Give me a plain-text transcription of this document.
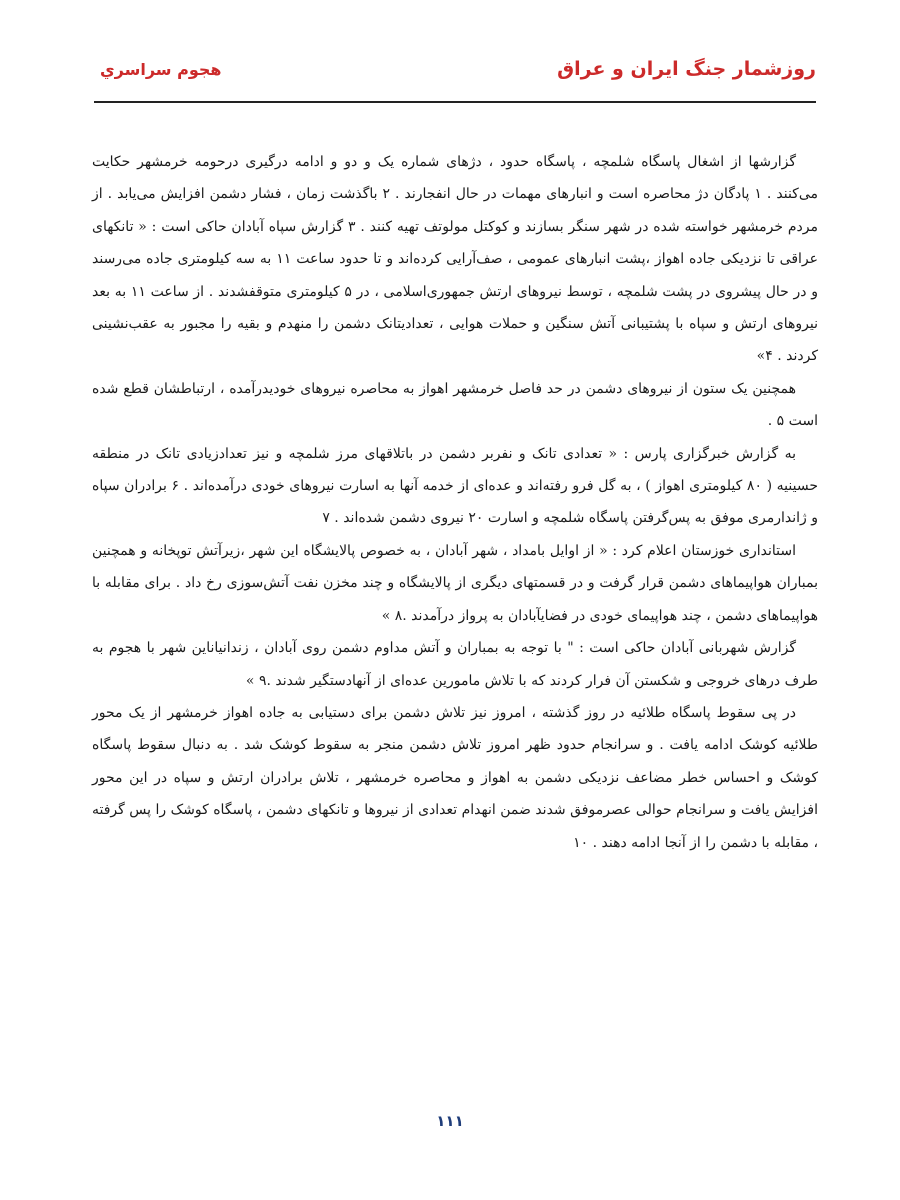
روزشمار جنگ ایران و عراق
هجوم سراسري

گزارشها از اشغال پاسگاه شلمچه ، پاسگاه حدود ، دژهای شماره یک و دو و ادامه درگیری درحومه خرمشهر حکایت می‌کنند . ۱ پادگان دژ محاصره است و انبارهای مهمات در حال انفجارند . ۲ باگذشت زمان ، فشار دشمن افزایش می‌یابد . از مردم خرمشهر خواسته شده در شهر سنگر بسازند و کوکتل مولوتف تهیه کنند . ۳ گزارش سپاه آبادان حاکی است : « تانکهای عراقی تا نزدیکی جاده اهواز ،پشت انبارهای عمومی ، صف‌آرایی کرده‌اند و تا حدود ساعت ۱۱ به سه کیلومتری جاده می‌رسند و در حال پیشروی در پشت شلمچه ، توسط نیروهای ارتش جمهوری‌اسلامی ، در ۵ کیلومتری متوقفشدند . از ساعت ۱۱ به بعد نیروهای ارتش و سپاه با پشتیبانی آتش سنگین و حملات هوایی ، تعدادیتانک دشمن را منهدم و بقیه را مجبور به عقب‌نشینی کردند . ۴»

همچنین یک ستون از نیروهای دشمن در حد فاصل خرمشهر اهواز به محاصره نیروهای خودیدرآمده ، ارتباطشان قطع شده است ۵ .

به گزارش خبرگزاری پارس : « تعدادی تانک و نفربر دشمن در باتلاقهای مرز شلمچه و نیز تعدادزیادی تانک در منطقه حسینیه ( ۸۰ کیلومتری اهواز ) ، به گل فرو رفته‌اند و عده‌ای از خدمه آنها به اسارت نیروهای خودی درآمده‌اند . ۶ برادران سپاه و ژاندارمری موفق به پس‌گرفتن پاسگاه شلمچه و اسارت ۲۰ نیروی دشمن شده‌اند . ۷

استانداری خوزستان اعلام کرد : « از اوایل بامداد ، شهر آبادان ، به خصوص پالایشگاه این شهر ،زیرآتش توپخانه و همچنین بمباران هواپیماهای دشمن قرار گرفت و در قسمتهای دیگری از پالایشگاه و چند مخزن نفت آتش‌سوزی رخ داد . برای مقابله با هواپیماهای دشمن ، چند هواپیمای خودی در فضایآبادان به پرواز درآمدند .۸ »

گزارش شهربانی آبادان حاکی است : " با توجه به بمباران و آتش مداوم دشمن روی آبادان ، زندانیاناین شهر با هجوم به طرف درهای خروجی و شکستن آن فرار کردند که با تلاش مامورین عده‌ای از آنهادستگیر شدند .۹ »

در پی سقوط پاسگاه طلائیه در روز گذشته ، امروز نیز تلاش دشمن برای دستیابی به جاده اهواز خرمشهر از یک محور طلائیه کوشک ادامه یافت . و سرانجام حدود ظهر امروز تلاش دشمن منجر به سقوط کوشک شد . به دنبال سقوط پاسگاه کوشک و احساس خطر مضاعف نزدیکی دشمن به اهواز و محاصره خرمشهر ، تلاش برادران ارتش و سپاه در این محور افزایش یافت و سرانجام حوالی عصرموفق شدند ضمن انهدام تعدادی از نیروها و تانکهای دشمن ، پاسگاه کوشک را پس گرفته ، مقابله با دشمن را از آنجا ادامه دهند . ۱۰

۱۱۱
